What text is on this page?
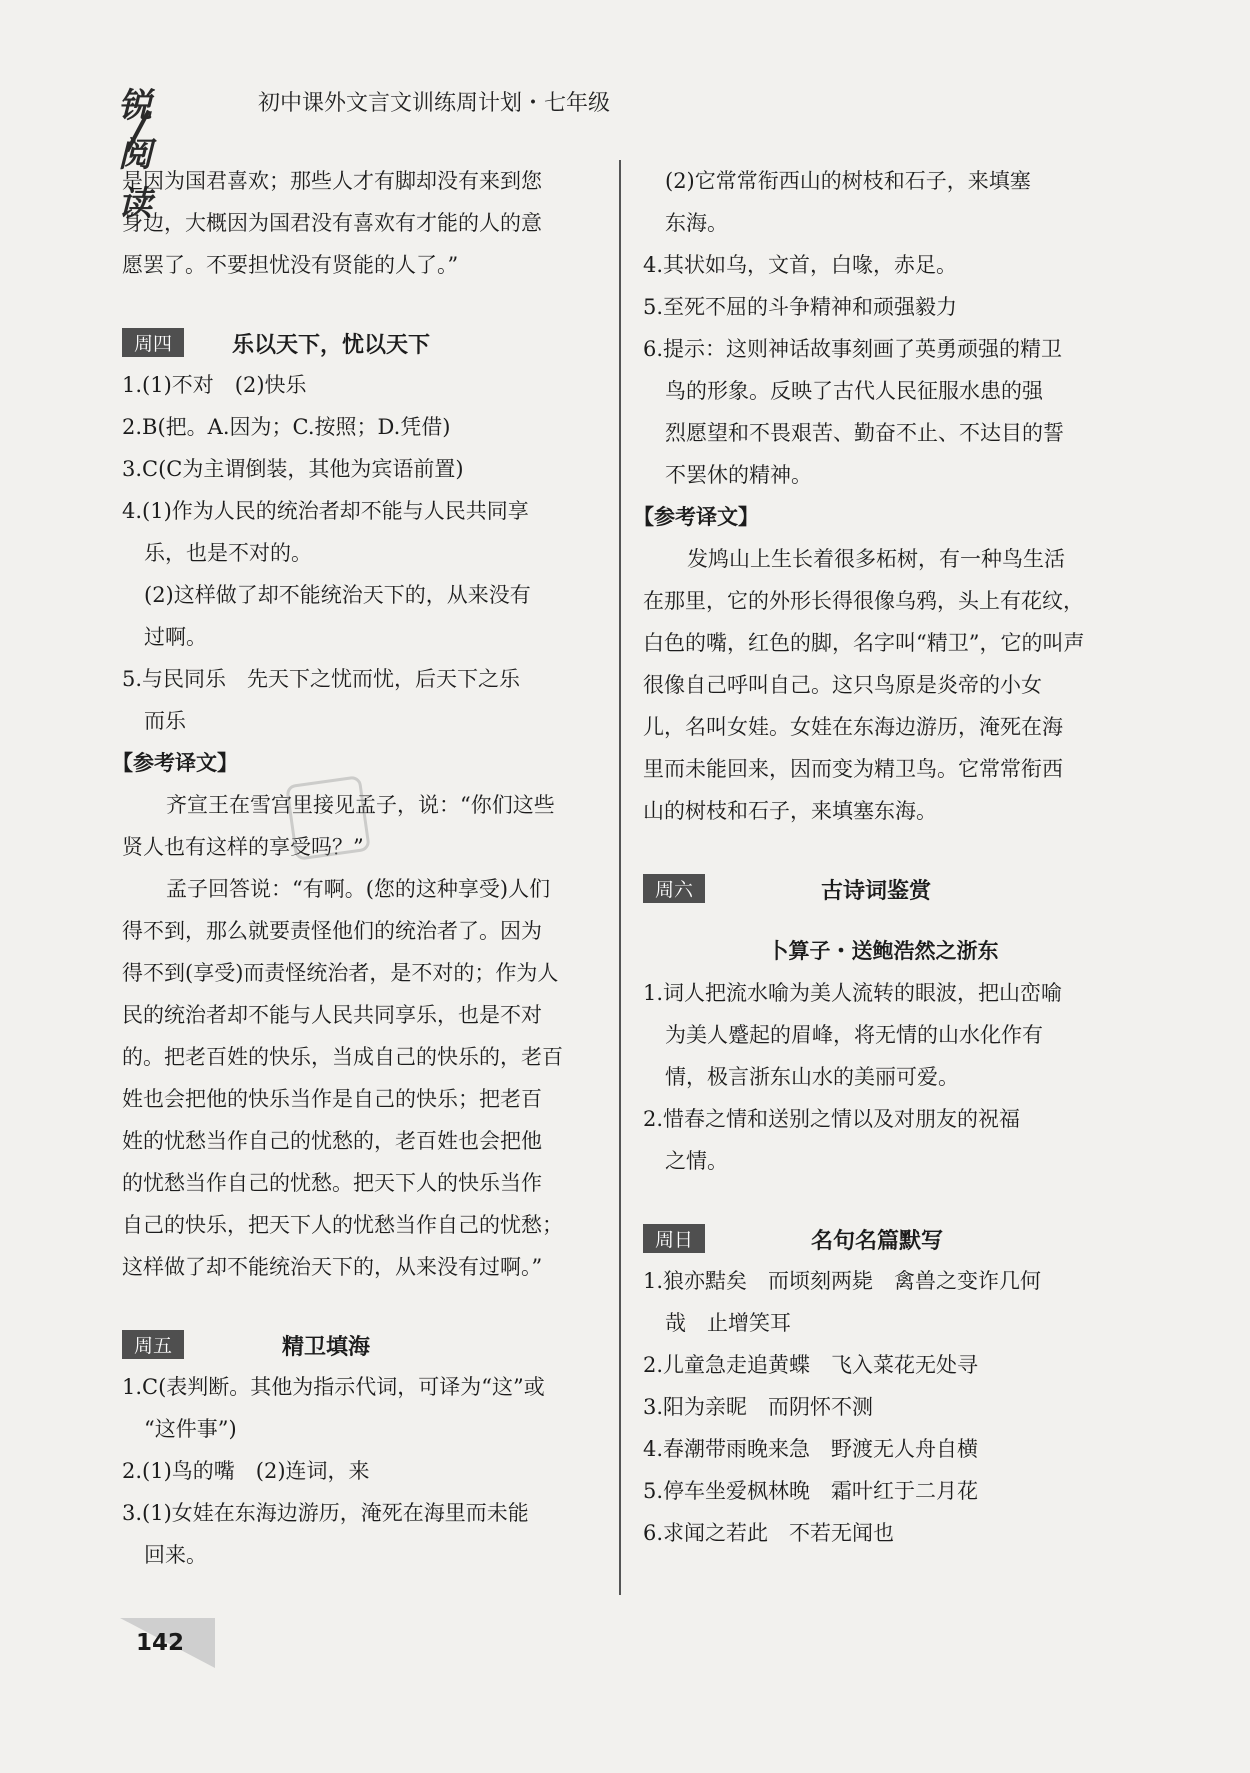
锐阅读
初中课外文言文训练周计划・七年级
是因为国君喜欢；那些人才有脚却没有来到您
身边，大概因为国君没有喜欢有才能的人的意
愿罢了。不要担忧没有贤能的人了。”
周四	乐以天下，忧以天下
1.(1)不对　(2)快乐
2.B(把。A.因为；C.按照；D.凭借)
3.C(C为主谓倒装，其他为宾语前置)
4.(1)作为人民的统治者却不能与人民共同享
乐，也是不对的。
(2)这样做了却不能统治天下的，从来没有
过啊。
5.与民同乐　先天下之忧而忧，后天下之乐
而乐
【参考译文】
齐宣王在雪宫里接见孟子，说：“你们这些
贤人也有这样的享受吗？”
孟子回答说：“有啊。(您的这种享受)人们
得不到，那么就要责怪他们的统治者了。因为
得不到(享受)而责怪统治者，是不对的；作为人
民的统治者却不能与人民共同享乐，也是不对
的。把老百姓的快乐，当成自己的快乐的，老百
姓也会把他的快乐当作是自己的快乐；把老百
姓的忧愁当作自己的忧愁的，老百姓也会把他
的忧愁当作自己的忧愁。把天下人的快乐当作
自己的快乐，把天下人的忧愁当作自己的忧愁；
这样做了却不能统治天下的，从来没有过啊。”
周五	精卫填海
1.C(表判断。其他为指示代词，可译为“这”或
“这件事”)
2.(1)鸟的嘴　(2)连词，来
3.(1)女娃在东海边游历，淹死在海里而未能
回来。
(2)它常常衔西山的树枝和石子，来填塞
东海。
4.其状如乌，文首，白喙，赤足。
5.至死不屈的斗争精神和顽强毅力
6.提示：这则神话故事刻画了英勇顽强的精卫
鸟的形象。反映了古代人民征服水患的强
烈愿望和不畏艰苦、勤奋不止、不达目的誓
不罢休的精神。
【参考译文】
发鸠山上生长着很多柘树，有一种鸟生活
在那里，它的外形长得很像乌鸦，头上有花纹，
白色的嘴，红色的脚，名字叫“精卫”，它的叫声
很像自己呼叫自己。这只鸟原是炎帝的小女
儿，名叫女娃。女娃在东海边游历，淹死在海
里而未能回来，因而变为精卫鸟。它常常衔西
山的树枝和石子，来填塞东海。
周六	古诗词鉴赏
卜算子・送鲍浩然之浙东
1.词人把流水喻为美人流转的眼波，把山峦喻
为美人蹙起的眉峰，将无情的山水化作有
情，极言浙东山水的美丽可爱。
2.惜春之情和送别之情以及对朋友的祝福
之情。
周日	名句名篇默写
1.狼亦黠矣　而顷刻两毙　禽兽之变诈几何
哉　止增笑耳
2.儿童急走追黄蝶　飞入菜花无处寻
3.阳为亲昵　而阴怀不测
4.春潮带雨晚来急　野渡无人舟自横
5.停车坐爱枫林晚　霜叶红于二月花
6.求闻之若此　不若无闻也
142
